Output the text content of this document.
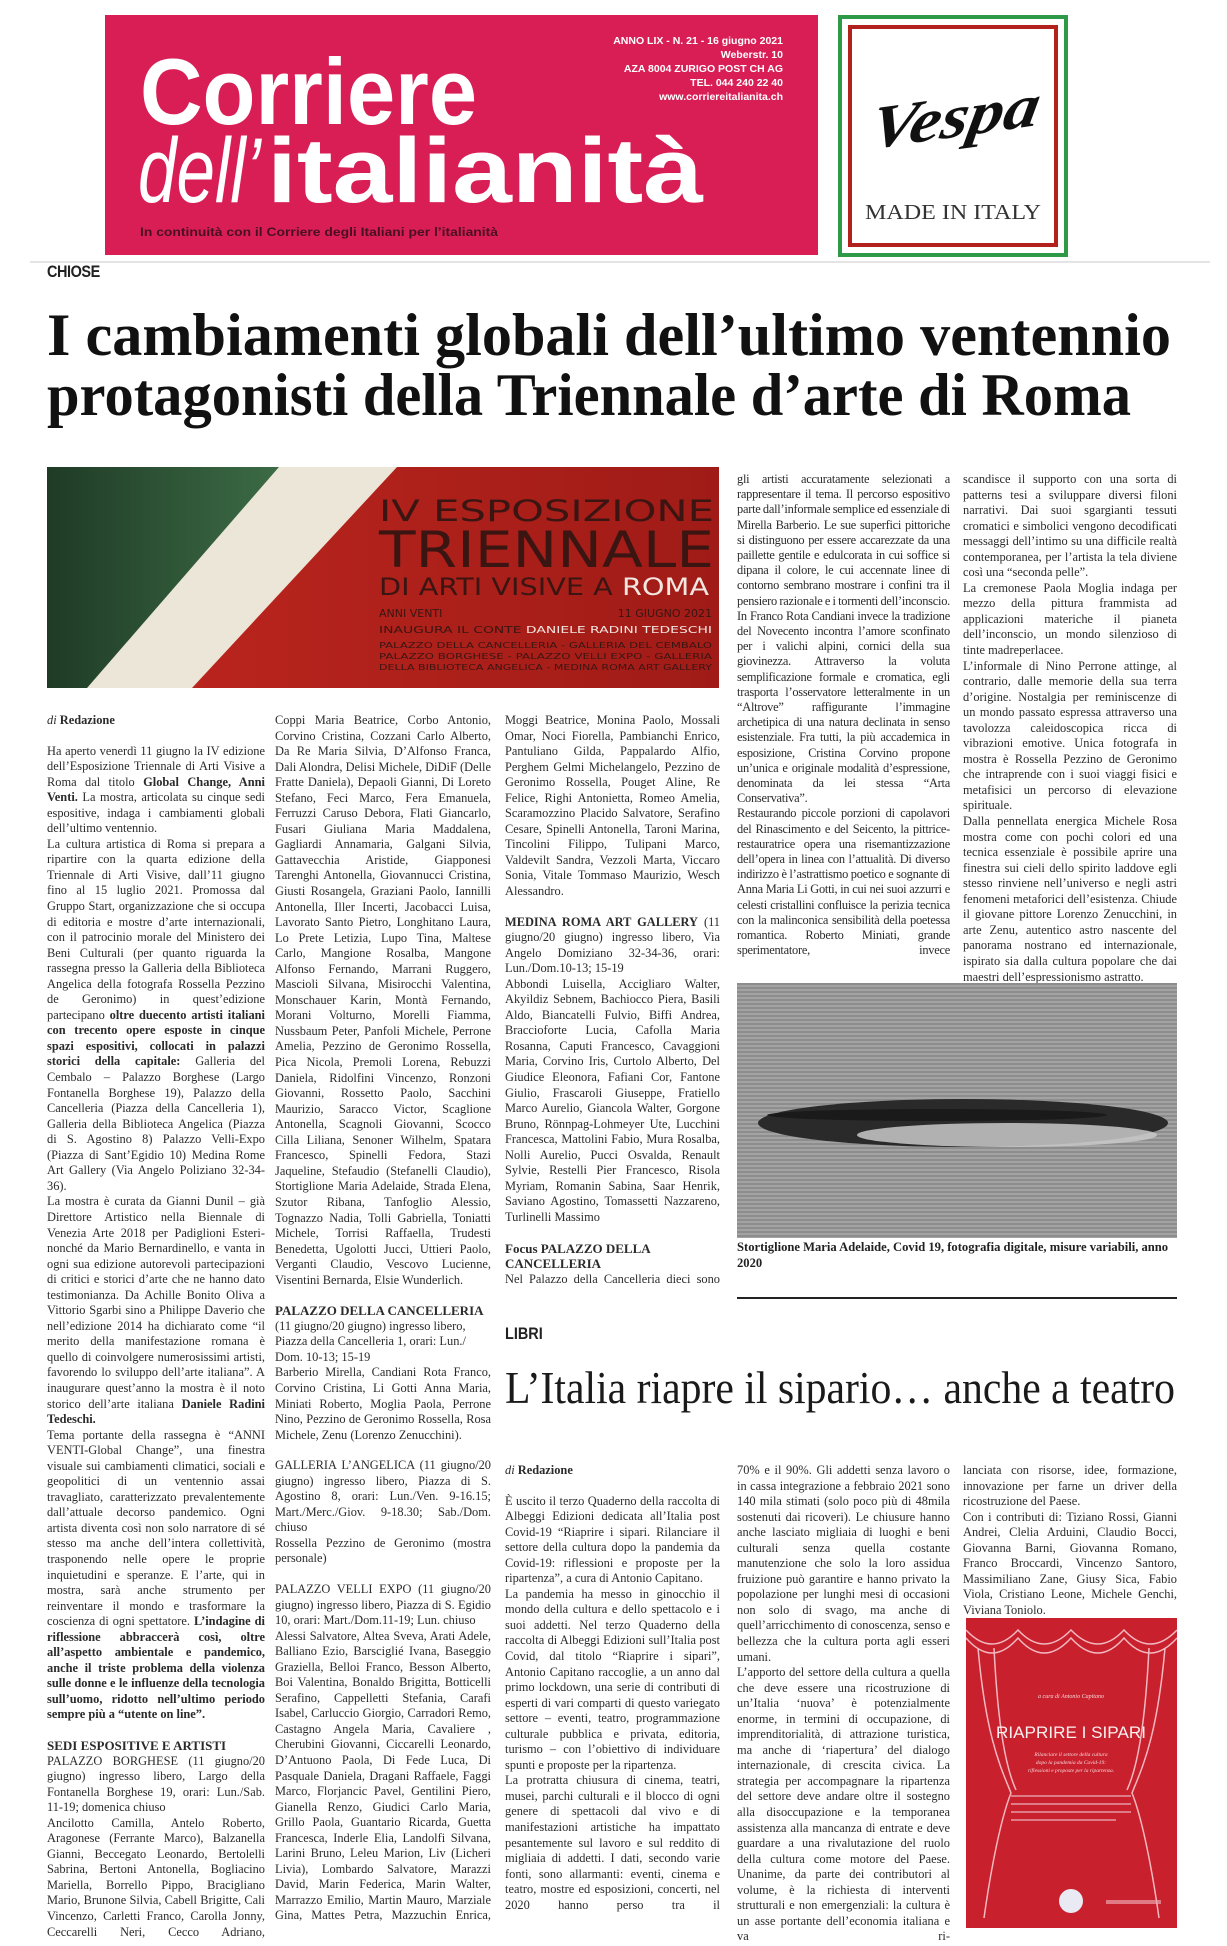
Corriere
dell’ italianità
In continuità con il Corriere degli Italiani per l’italianità
ANNO LIX - N. 21 - 16 giugno 2021
Weberstr. 10
AZA 8004 ZURIGO POST CH AG
TEL. 044 240 22 40
www.corriereitalianita.ch Vespa
MADE IN ITALY
CHIOSE
I cambiamenti globali dell’ultimo ventennio
protagonisti della Triennale d’arte di Roma
IV ESPOSIZIONE
TRIENNALE
DI ARTI VISIVE A ROMA
ANNI VENTI	11 GIUGNO 2021
INAUGURA IL CONTE	DANIELE RADINI TEDESCHI
PALAZZO DELLA CANCELLERIA - GALLERIA DEL CEMBALO
PALAZZO BORGHESE - PALAZZO VELLI EXPO - GALLERIA
DELLA BIBLIOTECA ANGELICA - MEDINA ROMA ART GALLERY

di Redazione

Ha aperto venerdì 11 giugno la IV edizione dell’Esposizione Triennale di Arti Visive a Roma dal titolo Global Change, Anni Venti. La mostra, articolata su cinque sedi espositive, indaga i cambiamenti globali dell’ultimo ventennio.

La cultura artistica di Roma si prepara a ripartire con la quarta edizione della Triennale di Arti Visive, dall’11 giugno fino al 15 luglio 2021. Promossa dal Gruppo Start, organizzazione che si occupa di editoria e mostre d’arte internazionali, con il patrocinio morale del Ministero dei Beni Culturali (per quanto riguarda la rassegna presso la Galleria della Biblioteca Angelica della fotografa Rossella Pezzino de Geronimo) in quest’edizione partecipano oltre duecento artisti italiani con trecento opere esposte in cinque spazi espositivi, collocati in palazzi storici della capitale: Galleria del Cembalo – Palazzo Borghese (Largo Fontanella Borghese 19), Palazzo della Cancelleria (Piazza della Cancelleria 1), Galleria della Biblioteca Angelica (Piazza di S. Agostino 8) Palazzo Velli-Expo (Piazza di Sant’Egidio 10) Medina Rome Art Gallery (Via Angelo Poliziano 32-34-36).

La mostra è curata da Gianni Dunil – già Direttore Artistico nella Biennale di Venezia Arte 2018 per Padiglioni Esteri- nonché da Mario Bernardinello, e vanta in ogni sua edizione autorevoli partecipazioni di critici e storici d’arte che ne hanno dato testimonianza. Da Achille Bonito Oliva a Vittorio Sgarbi sino a Philippe Daverio che nell’edizione 2014 ha dichiarato come “il merito della manifestazione romana è quello di coinvolgere numerosissimi artisti, favorendo lo sviluppo dell’arte italiana”. A inaugurare quest’anno la mostra è il noto storico dell’arte italiana Daniele Radini Tedeschi.

Tema portante della rassegna è “ANNI VENTI-Global Change”, una finestra visuale sui cambiamenti climatici, sociali e geopolitici di un ventennio assai travagliato, caratterizzato prevalentemente dall’attuale decorso pandemico. Ogni artista diventa così non solo narratore di sé stesso ma anche dell’intera collettività, trasponendo nelle opere le proprie inquietudini e speranze. E l’arte, qui in mostra, sarà anche strumento per reinventare il mondo e trasformare la coscienza di ogni spettatore. L’indagine di riflessione abbraccerà così, oltre all’aspetto ambientale e pandemico, anche il triste problema della violenza sulle donne e le influenze della tecnologia sull’uomo, ridotto nell’ultimo periodo sempre più a “utente on line”.

SEDI ESPOSITIVE E ARTISTI

PALAZZO BORGHESE (11 giugno/20 giugno) ingresso libero, Largo della Fontanella Borghese 19, orari: Lun./Sab. 11-19; domenica chiuso

Ancilotto Camilla, Antelo Roberto, Aragonese (Ferrante Marco), Balzanella Gianni, Beccegato Leonardo, Bertolelli Sabrina, Bertoni Antonella, Bogliacino Mariella, Borrello Pippo, Bracigliano Mario, Brunone Silvia, Cabell Brigitte, Cali Vincenzo, Carletti Franco, Carolla Jonny, Ceccarelli Neri, Cecco Adriano,

Coppi Maria Beatrice, Corbo Antonio, Corvino Cristina, Cozzani Carlo Alberto, Da Re Maria Silvia, D’Alfonso Franca, Dali Alondra, Delisi Michele, DiDiF (Delle Fratte Daniela), Depaoli Gianni, Di Loreto Stefano, Feci Marco, Fera Emanuela, Ferruzzi Caruso Debora, Flati Giancarlo, Fusari Giuliana Maria Maddalena, Gagliardi Annamaria, Galgani Silvia, Gattavecchia Aristide, Giapponesi Tarenghi Antonella, Giovannucci Cristina, Giusti Rosangela, Graziani Paolo, Iannilli Antonella, Iller Incerti, Jacobacci Luisa, Lavorato Santo Pietro, Longhitano Laura, Lo Prete Letizia, Lupo Tina, Maltese Carlo, Mangione Rosalba, Mangone Alfonso Fernando, Marrani Ruggero, Mascioli Silvana, Misirocchi Valentina, Monschauer Karin, Montà Fernando, Morani Volturno, Morelli Fiamma, Nussbaum Peter, Panfoli Michele, Perrone Amelia, Pezzino de Geronimo Rossella, Pica Nicola, Premoli Lorena, Rebuzzi Daniela, Ridolfini Vincenzo, Ronzoni Giovanni, Rossetto Paolo, Sacchini Maurizio, Saracco Victor, Scaglione Antonella, Scagnoli Giovanni, Scocco Cilla Liliana, Senoner Wilhelm, Spatara Francesco, Spinelli Fedora, Stazi Jaqueline, Stefaudio (Stefanelli Claudio), Stortiglione Maria Adelaide, Strada Elena, Szutor Ribana, Tanfoglio Alessio, Tognazzo Nadia, Tolli Gabriella, Toniatti Michele, Torrisi Raffaella, Trudesti Benedetta, Ugolotti Jucci, Uttieri Paolo, Verganti Claudio, Vescovo Lucienne, Visentini Bernarda, Elsie Wunderlich.

PALAZZO DELLA CANCELLERIA

(11 giugno/20 giugno) ingresso libero, Piazza della Cancelleria 1, orari: Lun./ Dom. 10-13; 15-19

Barberio Mirella, Candiani Rota Franco, Corvino Cristina, Li Gotti Anna Maria, Miniati Roberto, Moglia Paola, Perrone Nino, Pezzino de Geronimo Rossella, Rosa Michele, Zenu (Lorenzo Zenucchini).

GALLERIA L’ANGELICA (11 giugno/20 giugno) ingresso libero, Piazza di S. Agostino 8, orari: Lun./Ven. 9-16.15; Mart./Merc./Giov. 9-18.30; Sab./Dom. chiuso

Rossella Pezzino de Geronimo (mostra personale)

PALAZZO VELLI EXPO (11 giugno/20 giugno) ingresso libero, Piazza di S. Egidio 10, orari: Mart./Dom.11-19; Lun. chiuso

Alessi Salvatore, Altea Sveva, Arati Adele, Balliano Ezio, Barsciglié Ivana, Baseggio Graziella, Belloi Franco, Besson Alberto, Boi Valentina, Bonaldo Brigitta, Botticelli Serafino, Cappelletti Stefania, Carafi Isabel, Carluccio Giorgio, Carradori Remo, Castagno Angela Maria, Cavaliere , Cherubini Giovanni, Ciccarelli Leonardo, D’Antuono Paola, Di Fede Luca, Di Pasquale Daniela, Dragani Raffaele, Faggi Marco, Florjancic Pavel, Gentilini Piero, Gianella Renzo, Giudici Carlo Maria, Grillo Paola, Guantario Ricarda, Guetta Francesca, Inderle Elia, Landolfi Silvana, Larini Bruno, Leleu Marion, Liv (Licheri Livia), Lombardo Salvatore, Marazzi David, Marin Federica, Marin Walter, Marrazzo Emilio, Martin Mauro, Marziale Gina, Mattes Petra, Mazzuchin Enrica,

Moggi Beatrice, Monina Paolo, Mossali Omar, Noci Fiorella, Pambianchi Enrico, Pantuliano Gilda, Pappalardo Alfio, Perghem Gelmi Michelangelo, Pezzino de Geronimo Rossella, Pouget Aline, Re Felice, Righi Antonietta, Romeo Amelia, Scaramozzino Placido Salvatore, Serafino Cesare, Spinelli Antonella, Taroni Marina, Tincolini Filippo, Tulipani Marco, Valdevilt Sandra, Vezzoli Marta, Viccaro Sonia, Vitale Tommaso Maurizio, Wesch Alessandro.

MEDINA ROMA ART GALLERY (11 giugno/20 giugno) ingresso libero, Via Angelo Domiziano 32-34-36, orari: Lun./Dom.10-13; 15-19

Abbondi Luisella, Accigliaro Walter, Akyildiz Sebnem, Bachiocco Piera, Basili Aldo, Biancatelli Fulvio, Biffi Andrea, Braccioforte Lucia, Cafolla Maria Rosanna, Caputi Francesco, Cavaggioni Maria, Corvino Iris, Curtolo Alberto, Del Giudice Eleonora, Fafiani Cor, Fantone Giulio, Frascaroli Giuseppe, Fratiello Marco Aurelio, Giancola Walter, Gorgone Bruno, Rönnpag-Lohmeyer Ute, Lucchini Francesca, Mattolini Fabio, Mura Rosalba, Nolli Aurelio, Pucci Osvalda, Renault Sylvie, Restelli Pier Francesco, Risola Myriam, Romanin Sabina, Saar Henrik, Saviano Agostino, Tomassetti Nazzareno, Turlinelli Massimo

Focus PALAZZO DELLA CANCELLERIA

Nel Palazzo della Cancelleria dieci sono

gli artisti accuratamente selezionati a rappresentare il tema. Il percorso espositivo parte dall’informale semplice ed essenziale di Mirella Barberio. Le sue superfici pittoriche si distinguono per essere accarezzate da una paillette gentile e edulcorata in cui soffice si dipana il colore, le cui accennate linee di contorno sembrano mostrare i confini tra il pensiero razionale e i tormenti dell’inconscio. In Franco Rota Candiani invece la tradizione del Novecento incontra l’amore sconfinato per i valichi alpini, cornici della sua giovinezza. Attraverso la voluta semplificazione formale e cromatica, egli trasporta l’osservatore letteralmente in un “Altrove” raffigurante l’immagine archetipica di una natura declinata in senso esistenziale. Fra tutti, la più accademica in esposizione, Cristina Corvino propone un’unica e originale modalità d’espressione, denominata da lei stessa “Arta Conservativa”.

Restaurando piccole porzioni di capolavori del Rinascimento e del Seicento, la pittrice-restauratrice opera una risemantizzazione dell’opera in linea con l’attualità. Di diverso indirizzo è l’astrattismo poetico e sognante di Anna Maria Li Gotti, in cui nei suoi azzurri e celesti cristallini confluisce la perizia tecnica con la malinconica sensibilità della poetessa romantica. Roberto Miniati, grande sperimentatore, invece

scandisce il supporto con una sorta di patterns tesi a sviluppare diversi filoni narrativi. Dai suoi sgargianti tessuti cromatici e simbolici vengono decodificati messaggi dell’intimo su una difficile realtà contemporanea, per l’artista la tela diviene così una “seconda pelle”.

La cremonese Paola Moglia indaga per mezzo della pittura frammista ad applicazioni materiche il pianeta dell’inconscio, un mondo silenzioso di tinte madreperlacee.

L’informale di Nino Perrone attinge, al contrario, dalle memorie della sua terra d’origine. Nostalgia per reminiscenze di un mondo passato espressa attraverso una tavolozza caleidoscopica ricca di vibrazioni emotive. Unica fotografa in mostra è Rossella Pezzino de Geronimo che intraprende con i suoi viaggi fisici e metafisici un percorso di elevazione spirituale.

Dalla pennellata energica Michele Rosa mostra come con pochi colori ed una tecnica essenziale è possibile aprire una finestra sui cieli dello spirito laddove egli stesso rinviene nell’universo e negli astri fenomeni metaforici dell’esistenza. Chiude il giovane pittore Lorenzo Zenucchini, in arte Zenu, autentico astro nascente del panorama nostrano ed internazionale, ispirato sia dalla cultura popolare che dai maestri dell’espressionismo astratto.

Stortiglione Maria Adelaide, Covid 19, fotografia digitale, misure variabili, anno 2020
LIBRI
L’Italia riapre il sipario… anche a teatro

di Redazione

È uscito il terzo Quaderno della raccolta di Albeggi Edizioni dedicata all’Italia post Covid-19 “Riaprire i sipari. Rilanciare il settore della cultura dopo la pandemia da Covid-19: riflessioni e proposte per la ripartenza”, a cura di Antonio Capitano.

La pandemia ha messo in ginocchio il mondo della cultura e dello spettacolo e i suoi addetti. Nel terzo Quaderno della raccolta di Albeggi Edizioni sull’Italia post Covid, dal titolo “Riaprire i sipari”, Antonio Capitano raccoglie, a un anno dal primo lockdown, una serie di contributi di esperti di vari comparti di questo variegato settore – eventi, teatro, programmazione culturale pubblica e privata, editoria, turismo – con l’obiettivo di individuare spunti e proposte per la ripartenza.

La protratta chiusura di cinema, teatri, musei, parchi culturali e il blocco di ogni genere di spettacoli dal vivo e di manifestazioni artistiche ha impattato pesantemente sul lavoro e sul reddito di migliaia di addetti. I dati, secondo varie fonti, sono allarmanti: eventi, cinema e teatro, mostre ed esposizioni, concerti, nel 2020 hanno perso tra il

70% e il 90%. Gli addetti senza lavoro o in cassa integrazione a febbraio 2021 sono 140 mila stimati (solo poco più di 48mila sostenuti dai ricoveri). Le chiusure hanno anche lasciato migliaia di luoghi e beni culturali senza quella costante manutenzione che solo la loro assidua fruizione può garantire e hanno privato la popolazione per lunghi mesi di occasioni non solo di svago, ma anche di quell’arricchimento di conoscenza, senso e bellezza che la cultura porta agli esseri umani.

L’apporto del settore della cultura a quella che deve essere una ricostruzione di un’Italia ‘nuova’ è potenzialmente enorme, in termini di occupazione, di imprenditorialità, di attrazione turistica, ma anche di ‘riapertura’ del dialogo internazionale, di crescita civica. La strategia per accompagnare la ripartenza del settore deve andare oltre il sostegno alla disoccupazione e la temporanea assistenza alla mancanza di entrate e deve guardare a una rivalutazione del ruolo della cultura come motore del Paese. Unanime, da parte dei contributori al volume, è la richiesta di interventi strutturali e non emergenziali: la cultura è un asse portante dell’economia italiana e va ri-

lanciata con risorse, idee, formazione, innovazione per farne un driver della ricostruzione del Paese.

Con i contributi di: Tiziano Rossi, Gianni Andrei, Clelia Arduini, Claudio Bocci, Giovanna Barni, Giovanna Romano, Franco Broccardi, Vincenzo Santoro, Massimiliano Zane, Giusy Sica, Fabio Viola, Cristiano Leone, Michele Genchi, Viviana Toniolo.

a cura di Antonio Capitano
RIAPRIRE I SIPARI
Rilanciare il settore della cultura
dopo la pandemia da Covid-19:
riflessioni e proposte per la ripartenza.
